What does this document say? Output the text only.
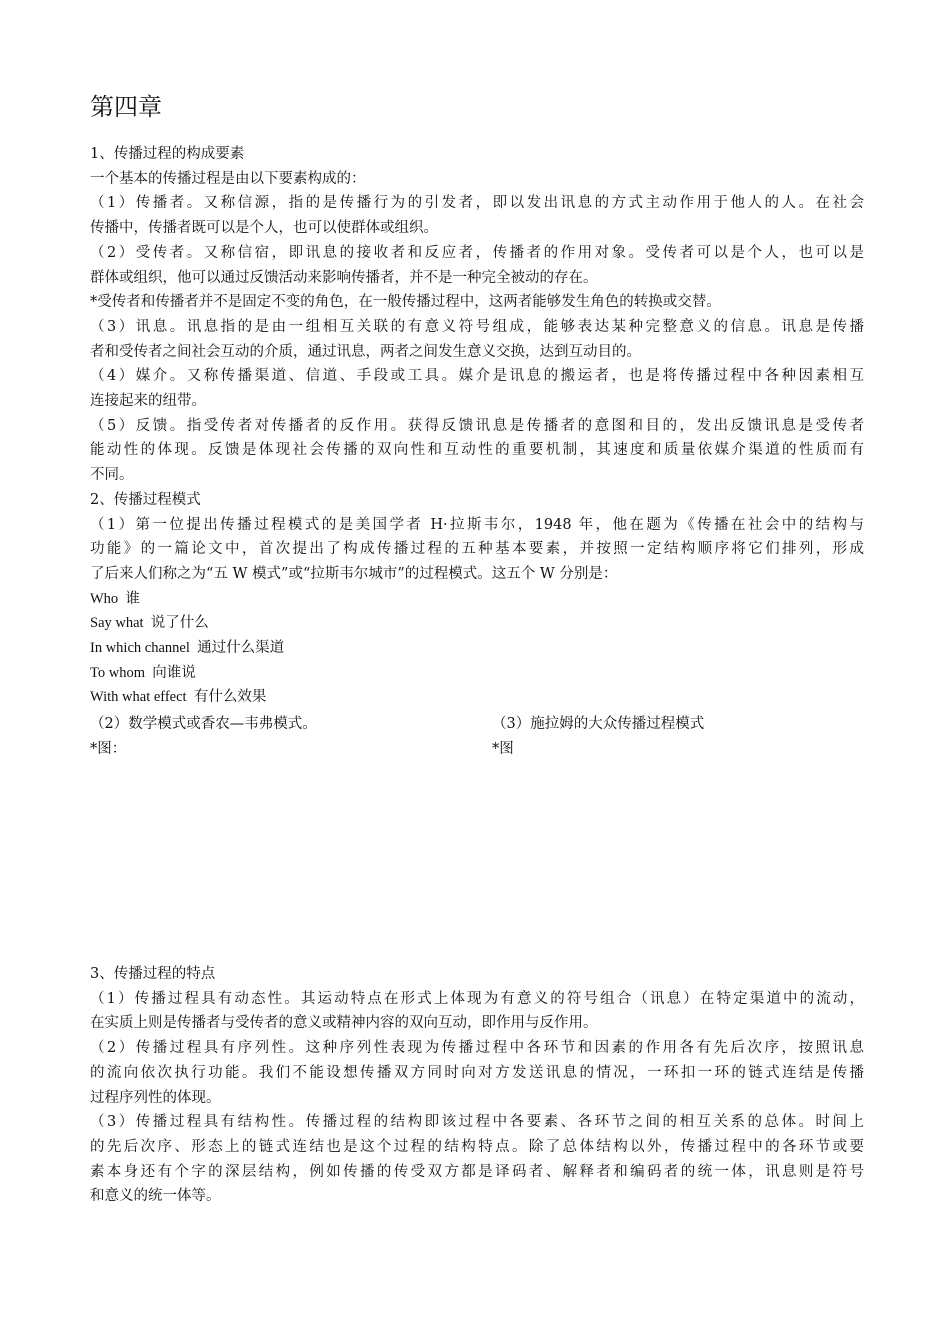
第四章

1、传播过程的构成要素

一个基本的传播过程是由以下要素构成的：

（1）传播者。又称信源，指的是传播行为的引发者，即以发出讯息的方式主动作用于他人的人。在社会

传播中，传播者既可以是个人，也可以使群体或组织。

（2）受传者。又称信宿，即讯息的接收者和反应者，传播者的作用对象。受传者可以是个人，也可以是

群体或组织，他可以通过反馈活动来影响传播者，并不是一种完全被动的存在。

*受传者和传播者并不是固定不变的角色，在一般传播过程中，这两者能够发生角色的转换或交替。

（3）讯息。讯息指的是由一组相互关联的有意义符号组成，能够表达某种完整意义的信息。讯息是传播

者和受传者之间社会互动的介质，通过讯息，两者之间发生意义交换，达到互动目的。

（4）媒介。又称传播渠道、信道、手段或工具。媒介是讯息的搬运者，也是将传播过程中各种因素相互

连接起来的纽带。

（5）反馈。指受传者对传播者的反作用。获得反馈讯息是传播者的意图和目的，发出反馈讯息是受传者

能动性的体现。反馈是体现社会传播的双向性和互动性的重要机制，其速度和质量依媒介渠道的性质而有

不同。

2、传播过程模式

（1）第一位提出传播过程模式的是美国学者 H·拉斯韦尔，1948 年，他在题为《传播在社会中的结构与

功能》的一篇论文中，首次提出了构成传播过程的五种基本要素，并按照一定结构顺序将它们排列，形成

了后来人们称之为“五 W 模式”或“拉斯韦尔城市”的过程模式。这五个 W 分别是：

Who  谁

Say what  说了什么

In which channel  通过什么渠道

To whom  向谁说

With what effect  有什么效果

（2）数学模式或香农—韦弗模式。

*图：

（3）施拉姆的大众传播过程模式

*图

3、传播过程的特点

（1）传播过程具有动态性。其运动特点在形式上体现为有意义的符号组合（讯息）在特定渠道中的流动，

在实质上则是传播者与受传者的意义或精神内容的双向互动，即作用与反作用。

（2）传播过程具有序列性。这种序列性表现为传播过程中各环节和因素的作用各有先后次序，按照讯息

的流向依次执行功能。我们不能设想传播双方同时向对方发送讯息的情况，一环扣一环的链式连结是传播

过程序列性的体现。

（3）传播过程具有结构性。传播过程的结构即该过程中各要素、各环节之间的相互关系的总体。时间上

的先后次序、形态上的链式连结也是这个过程的结构特点。除了总体结构以外，传播过程中的各环节或要

素本身还有个字的深层结构，例如传播的传受双方都是译码者、解释者和编码者的统一体，讯息则是符号

和意义的统一体等。
